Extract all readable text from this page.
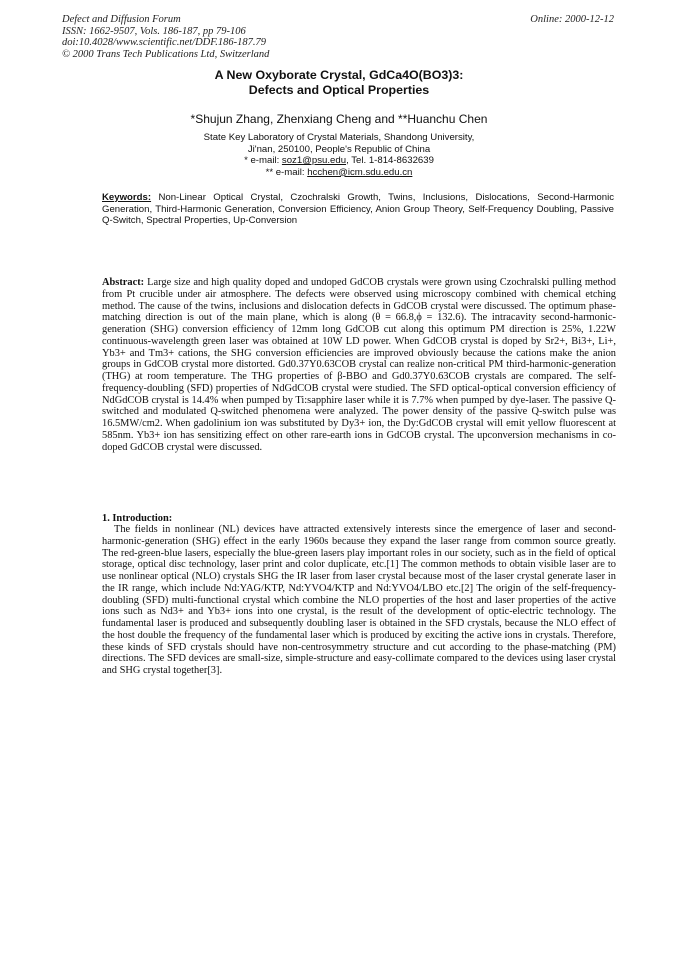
Defect and Diffusion Forum
ISSN: 1662-9507, Vols. 186-187, pp 79-106
doi:10.4028/www.scientific.net/DDF.186-187.79
© 2000 Trans Tech Publications Ltd, Switzerland
Online: 2000-12-12
A New Oxyborate Crystal, GdCa4O(BO3)3:
Defects and Optical Properties
*Shujun Zhang, Zhenxiang Cheng and **Huanchu Chen
State Key Laboratory of Crystal Materials, Shandong University,
Ji'nan, 250100, People's Republic of China
* e-mail: soz1@psu.edu, Tel. 1-814-8632639
** e-mail: hcchen@icm.sdu.edu.cn
Keywords: Non-Linear Optical Crystal, Czochralski Growth, Twins, Inclusions, Dislocations, Second-Harmonic Generation, Third-Harmonic Generation, Conversion Efficiency, Anion Group Theory, Self-Frequency Doubling, Passive Q-Switch, Spectral Properties, Up-Conversion
Abstract: Large size and high quality doped and undoped GdCOB crystals were grown using Czochralski pulling method from Pt crucible under air atmosphere. The defects were observed using microscopy combined with chemical etching method. The cause of the twins, inclusions and dislocation defects in GdCOB crystal were discussed. The optimum phase-matching direction is out of the main plane, which is along (θ = 66.8,ϕ = 132.6). The intracavity second-harmonic-generation (SHG) conversion efficiency of 12mm long GdCOB cut along this optimum PM direction is 25%, 1.22W continuous-wavelength green laser was obtained at 10W LD power. When GdCOB crystal is doped by Sr2+, Bi3+, Li+, Yb3+ and Tm3+ cations, the SHG conversion efficiencies are improved obviously because the cations make the anion groups in GdCOB crystal more distorted. Gd0.37Y0.63COB crystal can realize non-critical PM third-harmonic-generation (THG) at room temperature. The THG properties of β-BBO and Gd0.37Y0.63COB crystals are compared. The self-frequency-doubling (SFD) properties of NdGdCOB crystal were studied. The SFD optical-optical conversion efficiency of NdGdCOB crystal is 14.4% when pumped by Ti:sapphire laser while it is 7.7% when pumped by dye-laser. The passive Q-switched and modulated Q-switched phenomena were analyzed. The power density of the passive Q-switch pulse was 16.5MW/cm2. When gadolinium ion was substituted by Dy3+ ion, the Dy:GdCOB crystal will emit yellow fluorescent at 585nm. Yb3+ ion has sensitizing effect on other rare-earth ions in GdCOB crystal. The upconversion mechanisms in co-doped GdCOB crystal were discussed.
1. Introduction:
The fields in nonlinear (NL) devices have attracted extensively interests since the emergence of laser and second-harmonic-generation (SHG) effect in the early 1960s because they expand the laser range from common source greatly. The red-green-blue lasers, especially the blue-green lasers play important roles in our society, such as in the field of optical storage, optical disc technology, laser print and color duplicate, etc.[1] The common methods to obtain visible laser are to use nonlinear optical (NLO) crystals SHG the IR laser from laser crystal because most of the laser crystal generate laser in the IR range, which include Nd:YAG/KTP, Nd:YVO4/KTP and Nd:YVO4/LBO etc.[2] The origin of the self-frequency-doubling (SFD) multi-functional crystal which combine the NLO properties of the host and laser properties of the active ions such as Nd3+ and Yb3+ ions into one crystal, is the result of the development of optic-electric technology. The fundamental laser is produced and subsequently doubling laser is obtained in the SFD crystals, because the NLO effect of the host double the frequency of the fundamental laser which is produced by exciting the active ions in crystals. Therefore, these kinds of SFD crystals should have non-centrosymmetry structure and cut according to the phase-matching (PM) directions. The SFD devices are small-size, simple-structure and easy-collimate compared to the devices using laser crystal and SHG crystal together[3].
